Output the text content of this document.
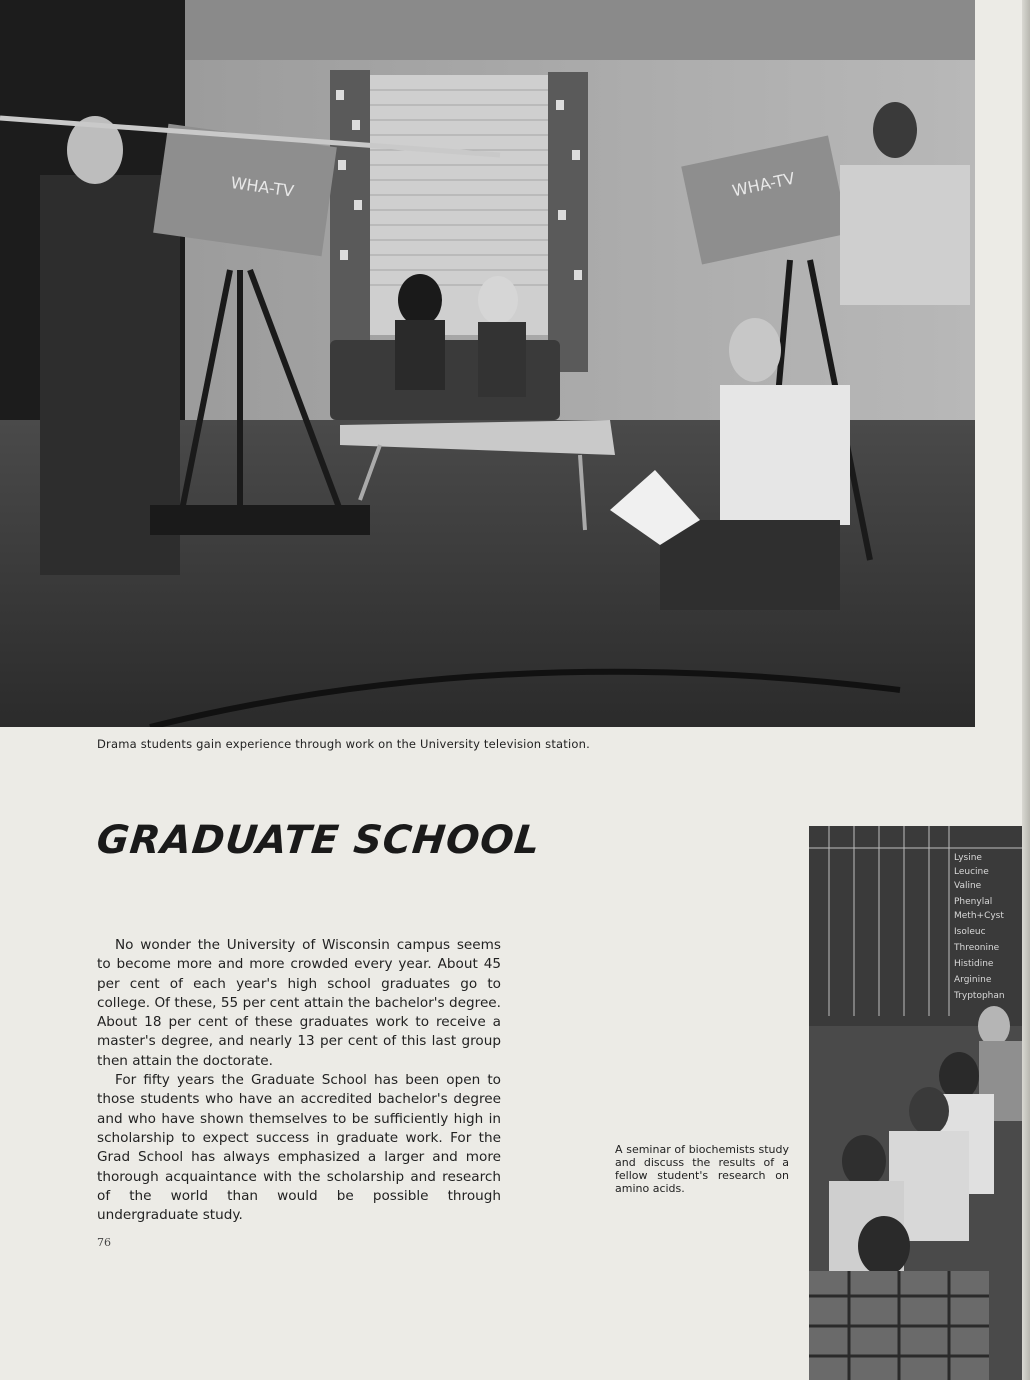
WHA-TV	WHA-TV
Drama students gain experience through work on the University television station.
GRADUATE SCHOOL

No wonder the University of Wisconsin campus seems to become more and more crowded every year. About 45 per cent of each year's high school graduates go to college. Of these, 55 per cent attain the bachelor's degree. About 18 per cent of these graduates work to receive a master's degree, and nearly 13 per cent of this last group then attain the doctorate.

For fifty years the Graduate School has been open to those students who have an accredited bachelor's degree and who have shown themselves to be sufficiently high in scholarship to expect success in graduate work. For the Grad School has always emphasized a larger and more thorough acquaintance with the scholarship and research of the world than would be possible through undergraduate study.

76
A seminar of biochemists study and discuss the results of a fellow student's research on amino acids.
Lysine
Leucine
Valine
Phenylal
Meth+Cyst
Isoleuc
Threonine
Histidine
Arginine
Tryptophan
